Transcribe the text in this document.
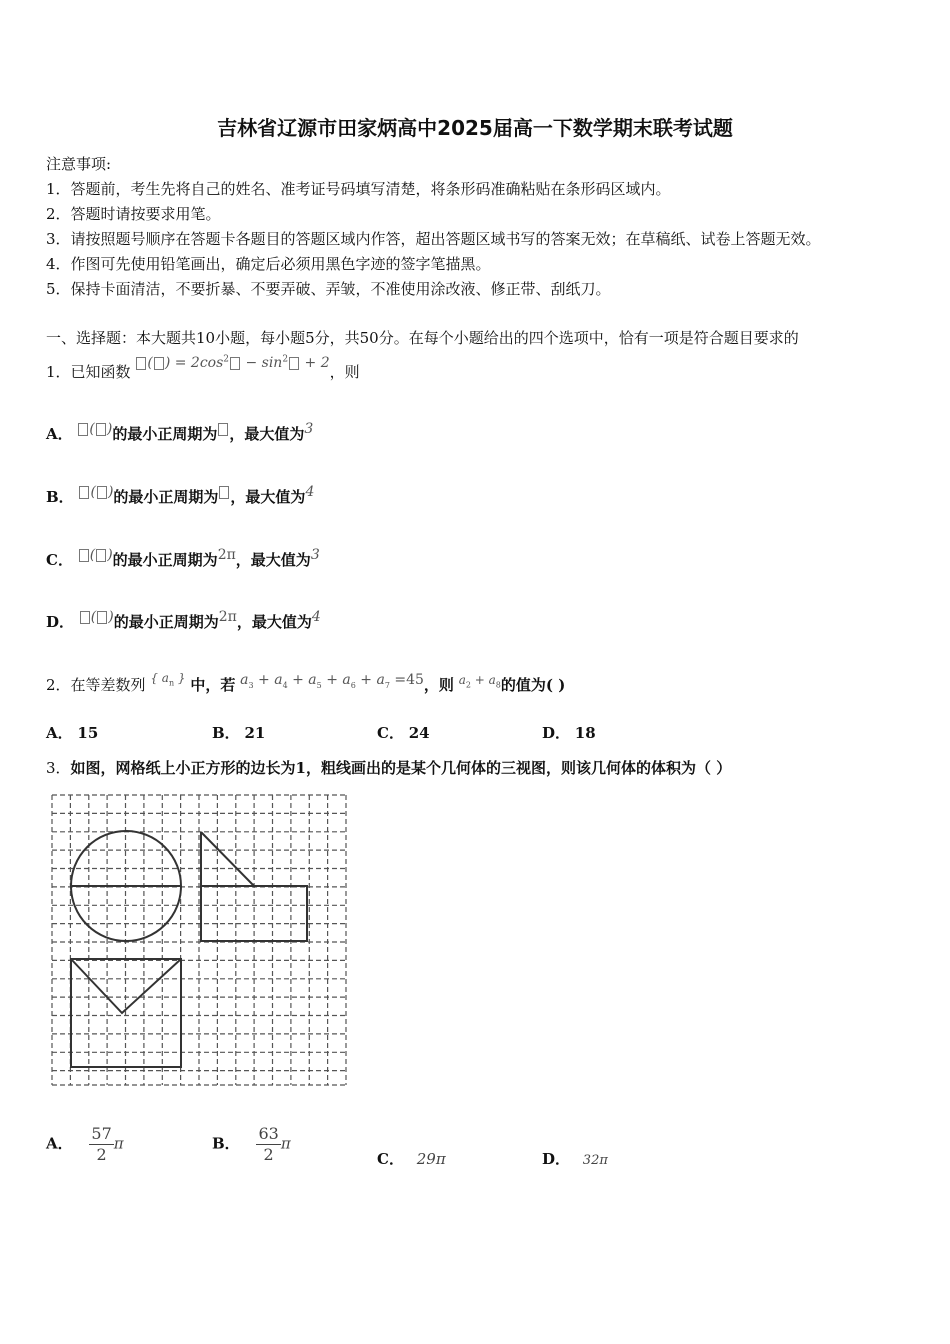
吉林省辽源市田家炳高中2025届高一下数学期末联考试题
注意事项:
1．答题前，考生先将自己的姓名、准考证号码填写清楚，将条形码准确粘贴在条形码区域内。
2．答题时请按要求用笔。
3．请按照题号顺序在答题卡各题目的答题区域内作答，超出答题区域书写的答案无效；在草稿纸、试卷上答题无效。
4．作图可先使用铅笔画出，确定后必须用黑色字迹的签字笔描黑。
5．保持卡面清洁，不要折暴、不要弄破、弄皱，不准使用涂改液、修正带、刮纸刀。
一、选择题：本大题共10小题，每小题5分，共50分。在每个小题给出的四个选项中，恰有一项是符合题目要求的
1．已知函数 ( ) = $2\cos^2 - \sin^2 + 2$，则
A． ( )的最小正周期为 ，最大值为3
B． ( )的最小正周期为 ，最大值为4
C． ( )的最小正周期为2π，最大值为3
D． ( )的最小正周期为2π，最大值为4
2．在等差数列 $^{\{ a_n \}}$ 中，若 $a_3 + a_4 + a_5 + a_6 + a_7 =45$，则 $^{a_2 + a_8}$的值为( )
A． 15	B． 21	C． 24	D． 18
3．如图，网格纸上小正方形的边长为1，粗线画出的是某个几何体的三视图，则该几何体的体积为（ ）
A． $\frac{57}{2}$ π	B． $\frac{63}{2}$ π
C． 29π	D． 32π
